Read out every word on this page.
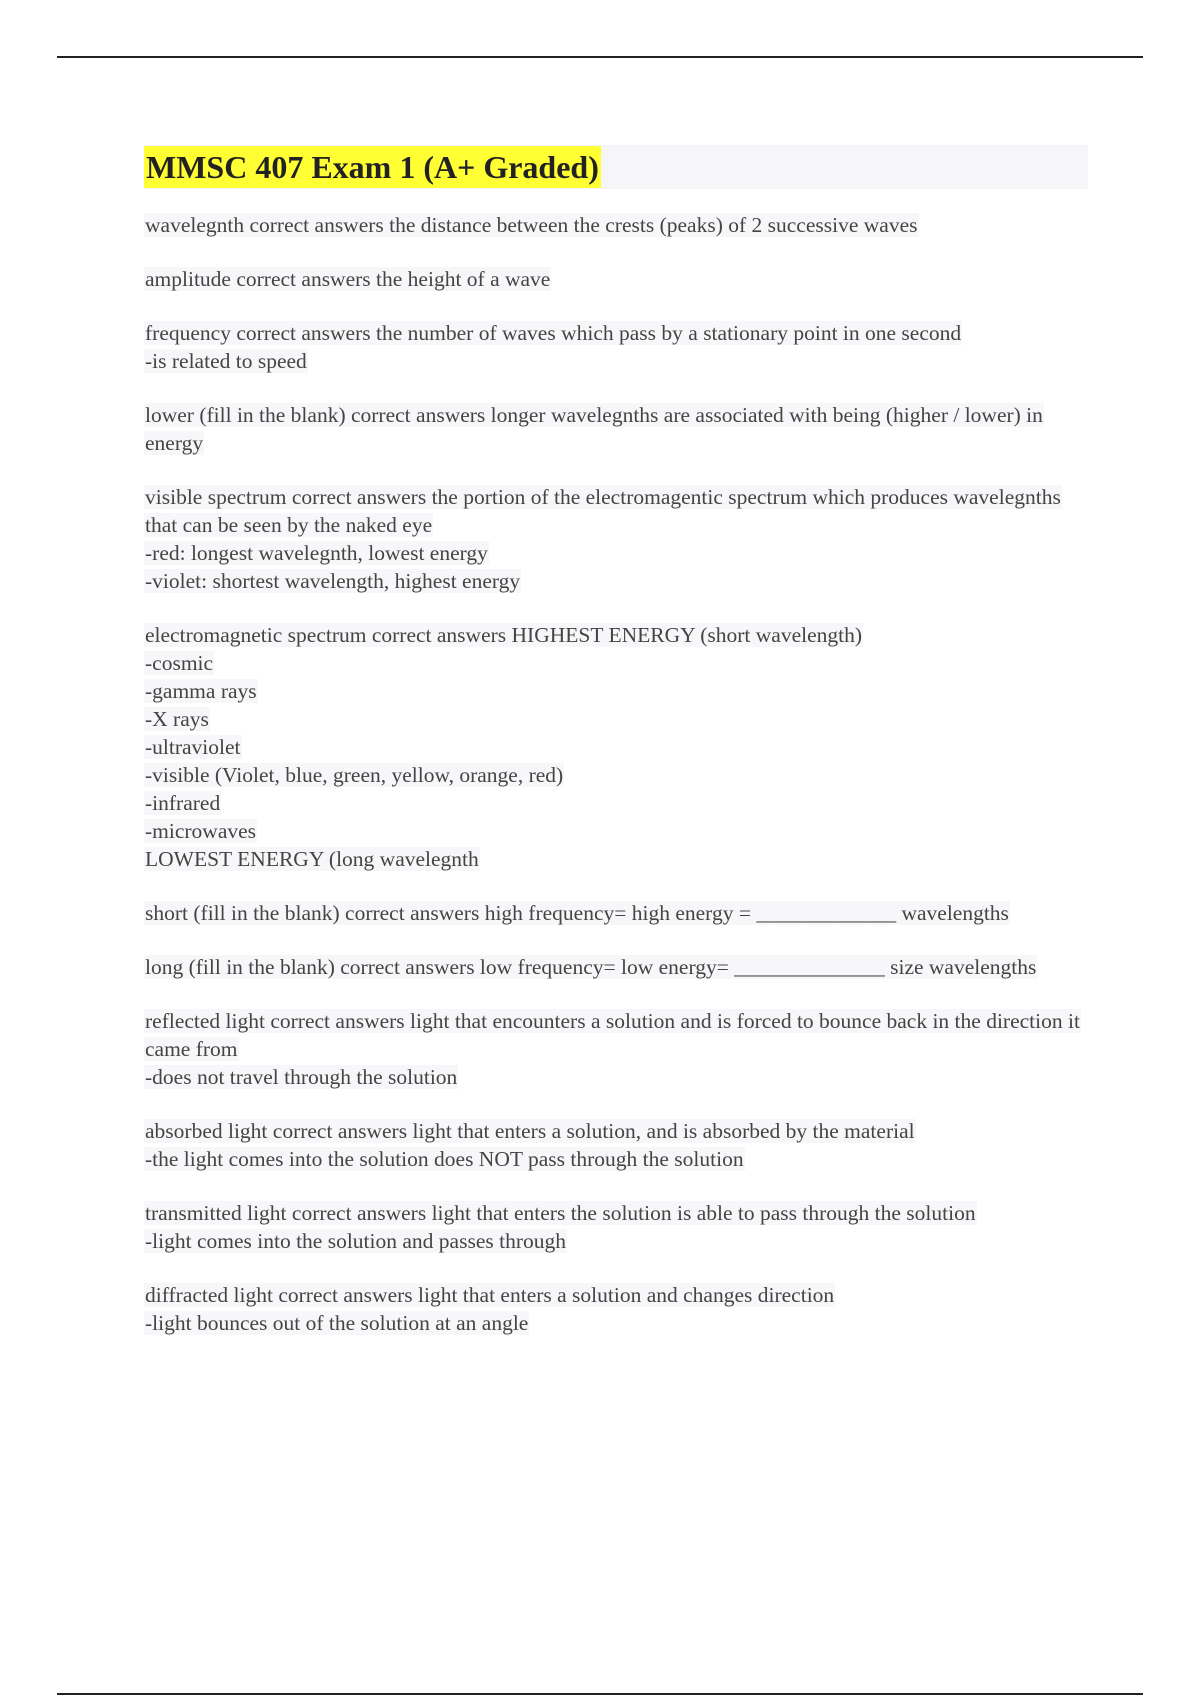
MMSC 407 Exam 1 (A+ Graded)
wavelegnth correct answers the distance between the crests (peaks) of 2 successive waves
amplitude correct answers the height of a wave
frequency correct answers the number of waves which pass by a stationary point in one second
-is related to speed
lower (fill in the blank) correct answers longer wavelegnths are associated with being (higher / lower) in energy
visible spectrum correct answers the portion of the electromagentic spectrum which produces wavelegnths that can be seen by the naked eye
-red: longest wavelegnth, lowest energy
-violet: shortest wavelength, highest energy
electromagnetic spectrum correct answers HIGHEST ENERGY (short wavelength)
-cosmic
-gamma rays
-X rays
-ultraviolet
-visible (Violet, blue, green, yellow, orange, red)
-infrared
-microwaves
LOWEST ENERGY (long wavelegnth
short (fill in the blank) correct answers high frequency= high energy = _____________ wavelengths
long (fill in the blank) correct answers low frequency= low energy= ______________ size wavelengths
reflected light correct answers light that encounters a solution and is forced to bounce back in the direction it came from
-does not travel through the solution
absorbed light correct answers light that enters a solution, and is absorbed by the material
-the light comes into the solution does NOT pass through the solution
transmitted light correct answers light that enters the solution is able to pass through the solution
-light comes into the solution and passes through
diffracted light correct answers light that enters a solution and changes direction
-light bounces out of the solution at an angle
